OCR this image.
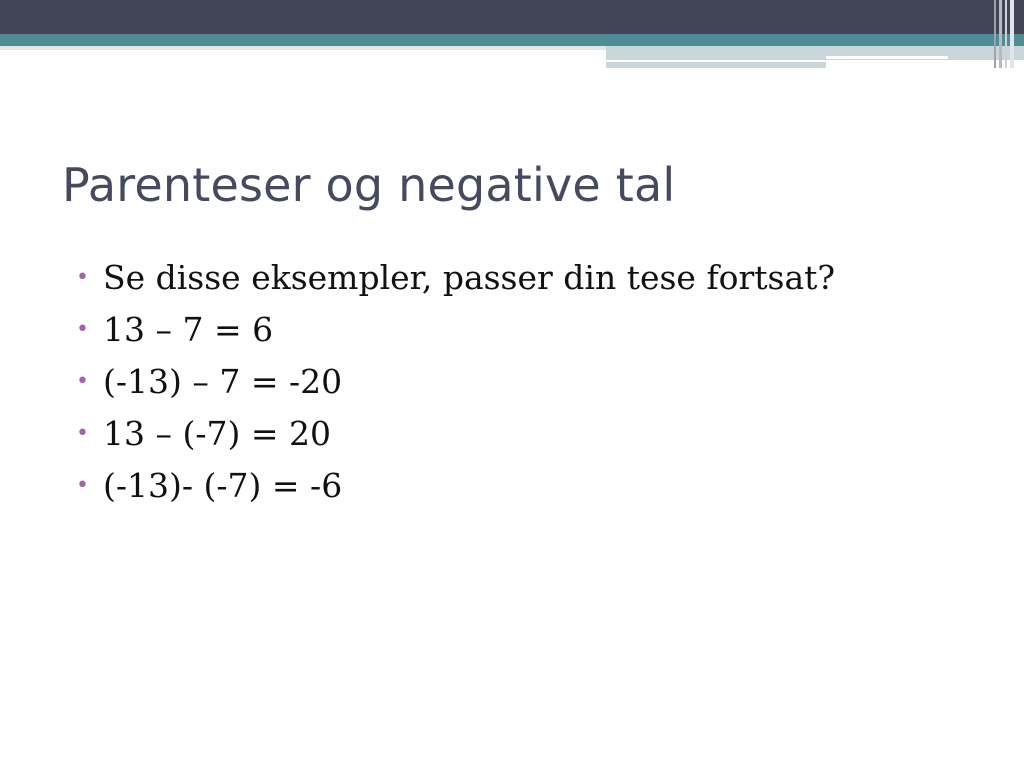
Parenteser og negative tal
• Se disse eksempler, passer din tese fortsat?
• 13 – 7 = 6
• (-13) – 7 = -20
• 13 – (-7) = 20
• (-13)- (-7) = -6
